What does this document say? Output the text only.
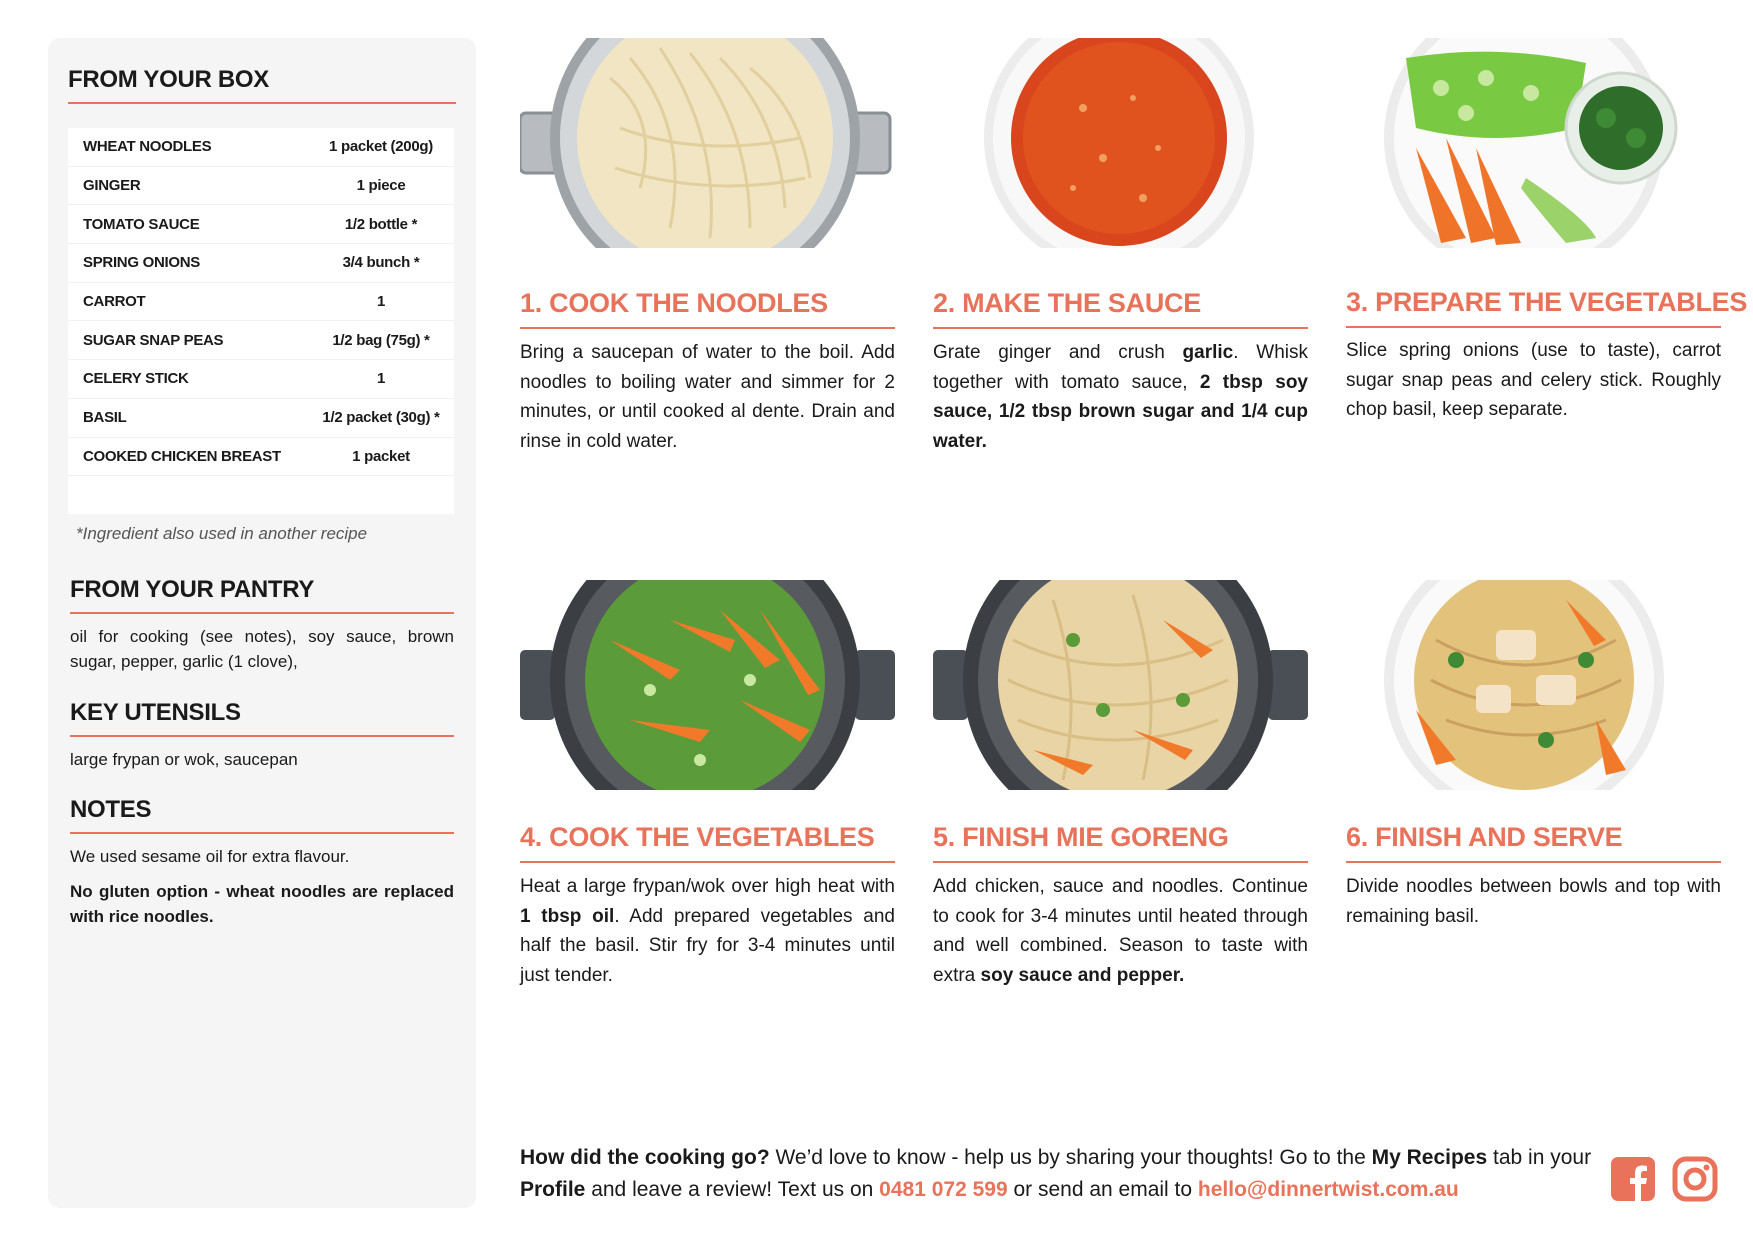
FROM YOUR BOX
WHEAT NOODLES	1 packet (200g)
GINGER	1 piece
TOMATO SAUCE	1/2 bottle *
SPRING ONIONS	3/4 bunch *
CARROT	1
SUGAR SNAP PEAS	1/2 bag (75g) *
CELERY STICK	1
BASIL	1/2 packet (30g) *
COOKED CHICKEN BREAST	1 packet
*Ingredient also used in another recipe
FROM YOUR PANTRY
oil for cooking (see notes), soy sauce, brown sugar, pepper, garlic (1 clove),
KEY UTENSILS
large frypan or wok, saucepan
NOTES
We used sesame oil for extra flavour.
No gluten option - wheat noodles are replaced with rice noodles.
1. COOK THE NOODLES
Bring a saucepan of water to the boil. Add noodles to boiling water and simmer for 2 minutes, or until cooked al dente. Drain and rinse in cold water.
2. MAKE THE SAUCE
Grate ginger and crush garlic. Whisk together with tomato sauce, 2 tbsp soy sauce, 1/2 tbsp brown sugar and 1/4 cup water.
3. PREPARE THE VEGETABLES
Slice spring onions (use to taste), carrot sugar snap peas and celery stick. Roughly chop basil, keep separate.
4. COOK THE VEGETABLES
Heat a large frypan/wok over high heat with 1 tbsp oil. Add prepared vegetables and half the basil. Stir fry for 3-4 minutes until just tender.
5. FINISH MIE GORENG
Add chicken, sauce and noodles. Continue to cook for 3-4 minutes until heated through and well combined. Season to taste with extra soy sauce and pepper.
6. FINISH AND SERVE
Divide noodles between bowls and top with remaining basil.
How did the cooking go? We’d love to know - help us by sharing your thoughts! Go to the My Recipes tab in your Profile and leave a review! Text us on 0481 072 599 or send an email to hello@dinnertwist.com.au
